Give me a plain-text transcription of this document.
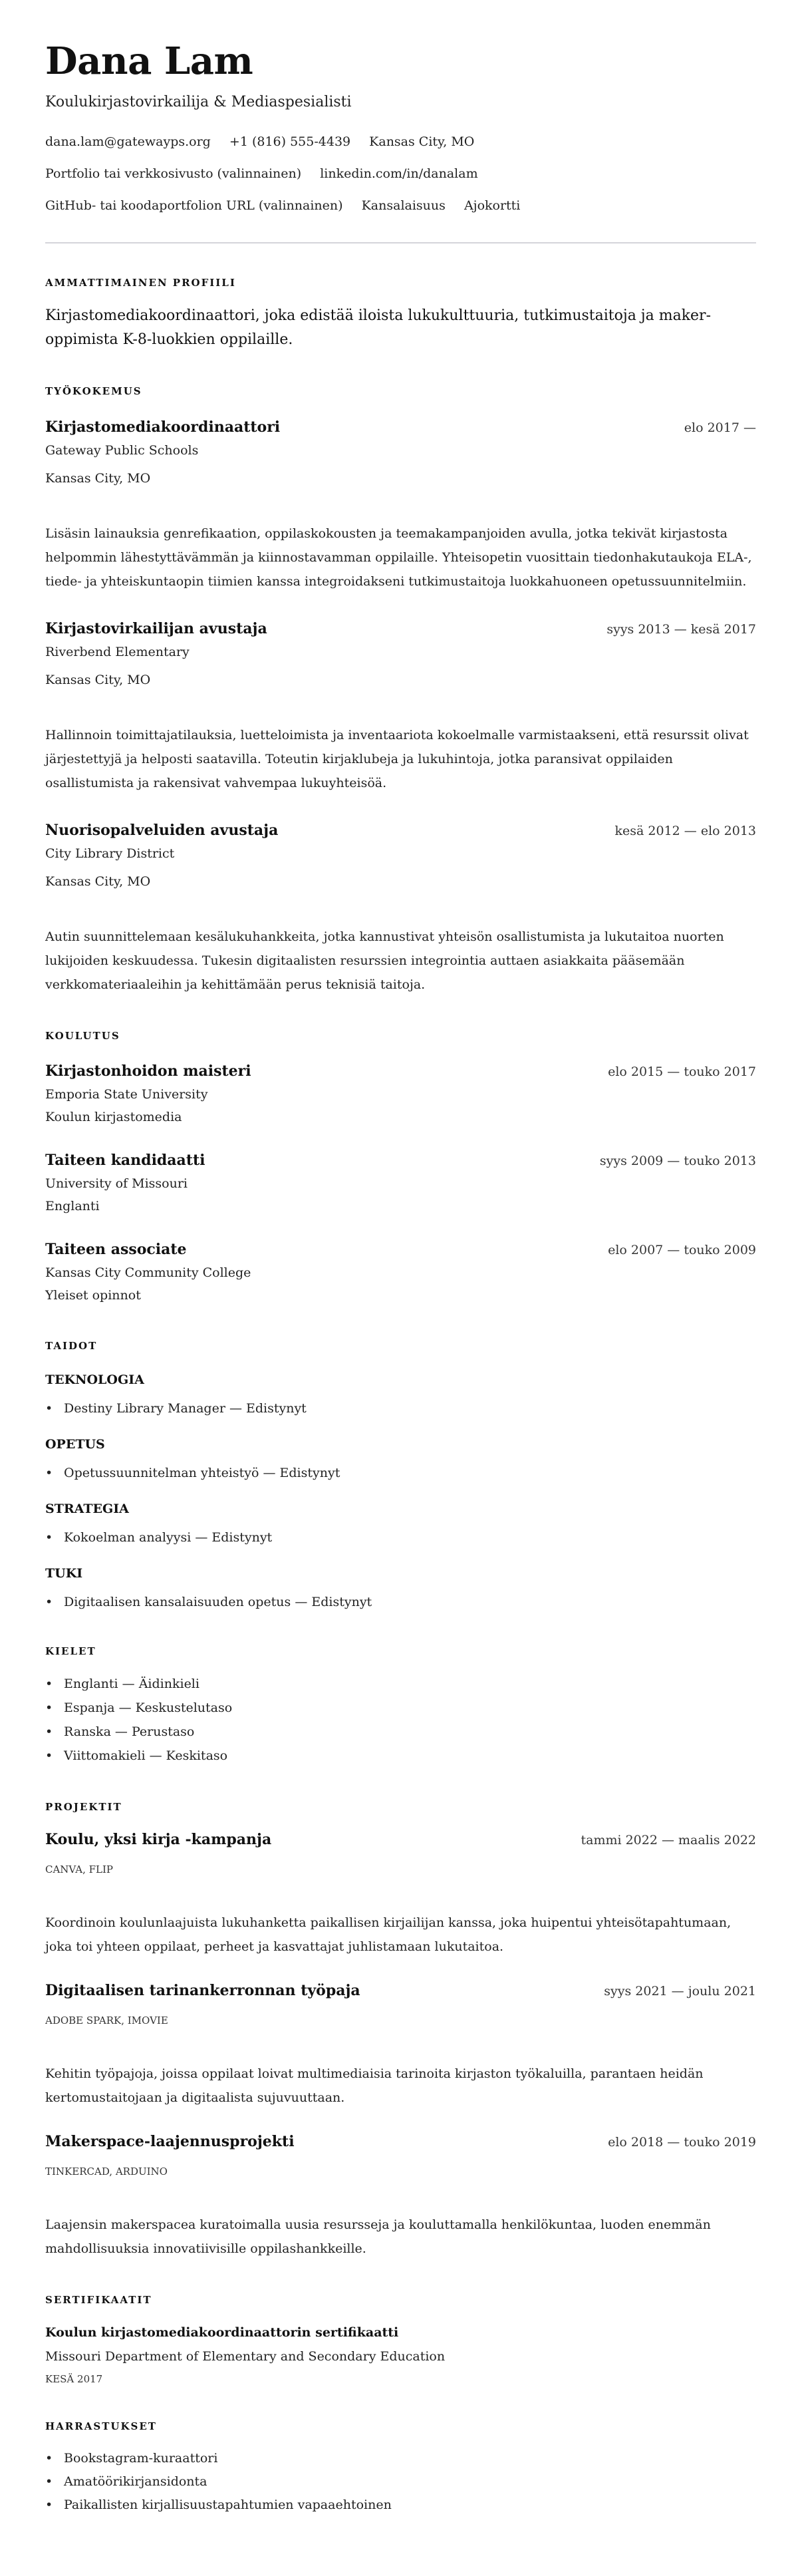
Dana Lam
Koulukirjastovirkailija & Mediaspesialisti
dana.lam@gatewayps.org +1 (816) 555-4439 Kansas City, MO
Portfolio tai verkkosivusto (valinnainen) linkedin.com/in/danalam
GitHub- tai koodaportfolion URL (valinnainen) Kansalaisuus Ajokortti
AMMATTIMAINEN PROFIILI
Kirjastomediakoordinaattori, joka edistää iloista lukukulttuuria, tutkimustaitoja ja maker-oppimista K-8-luokkien oppilaille.
TYÖKOKEMUS
Kirjastomediakoordinaattori	elo 2017 —
Gateway Public Schools
Kansas City, MO
Lisäsin lainauksia genrefikaation, oppilaskokousten ja teemakampanjoiden avulla, jotka tekivät kirjastosta helpommin lähestyttävämmän ja kiinnostavamman oppilaille. Yhteisopetin vuosittain tiedonhakutaukoja ELA-, tiede- ja yhteiskuntaopin tiimien kanssa integroidakseni tutkimustaitoja luokkahuoneen opetussuunnitelmiin.
Kirjastovirkailijan avustaja	syys 2013 — kesä 2017
Riverbend Elementary
Kansas City, MO
Hallinnoin toimittajatilauksia, luetteloimista ja inventaariota kokoelmalle varmistaakseni, että resurssit olivat järjestettyjä ja helposti saatavilla. Toteutin kirjaklubeja ja lukuhintoja, jotka paransivat oppilaiden osallistumista ja rakensivat vahvempaa lukuyhteisöä.
Nuorisopalveluiden avustaja	kesä 2012 — elo 2013
City Library District
Kansas City, MO
Autin suunnittelemaan kesälukuhankkeita, jotka kannustivat yhteisön osallistumista ja lukutaitoa nuorten lukijoiden keskuudessa. Tukesin digitaalisten resurssien integrointia auttaen asiakkaita pääsemään verkkomateriaaleihin ja kehittämään perus teknisiä taitoja.
KOULUTUS
Kirjastonhoidon maisteri	elo 2015 — touko 2017
Emporia State University
Koulun kirjastomedia
Taiteen kandidaatti	syys 2009 — touko 2013
University of Missouri
Englanti
Taiteen associate	elo 2007 — touko 2009
Kansas City Community College
Yleiset opinnot
TAIDOT
TEKNOLOGIA
• Destiny Library Manager — Edistynyt
OPETUS
• Opetussuunnitelman yhteistyö — Edistynyt
STRATEGIA
• Kokoelman analyysi — Edistynyt
TUKI
• Digitaalisen kansalaisuuden opetus — Edistynyt
KIELET
• Englanti — Äidinkieli
• Espanja — Keskustelutaso
• Ranska — Perustaso
• Viittomakieli — Keskitaso
PROJEKTIT
Koulu, yksi kirja -kampanja	tammi 2022 — maalis 2022
CANVA, FLIP
Koordinoin koulunlaajuista lukuhanketta paikallisen kirjailijan kanssa, joka huipentui yhteisötapahtumaan, joka toi yhteen oppilaat, perheet ja kasvattajat juhlistamaan lukutaitoa.
Digitaalisen tarinankerronnan työpaja	syys 2021 — joulu 2021
ADOBE SPARK, IMOVIE
Kehitin työpajoja, joissa oppilaat loivat multimediaisia tarinoita kirjaston työkaluilla, parantaen heidän kertomustaitojaan ja digitaalista sujuvuuttaan.
Makerspace-laajennusprojekti	elo 2018 — touko 2019
TINKERCAD, ARDUINO
Laajensin makerspacea kuratoimalla uusia resursseja ja kouluttamalla henkilökuntaa, luoden enemmän mahdollisuuksia innovatiivisille oppilashankkeille.
SERTIFIKAATIT
Koulun kirjastomediakoordinaattorin sertifikaatti
Missouri Department of Elementary and Secondary Education
KESÄ 2017
HARRASTUKSET
• Bookstagram-kuraattori
• Amatöörikirjansidonta
• Paikallisten kirjallisuustapahtumien vapaaehtoinen
